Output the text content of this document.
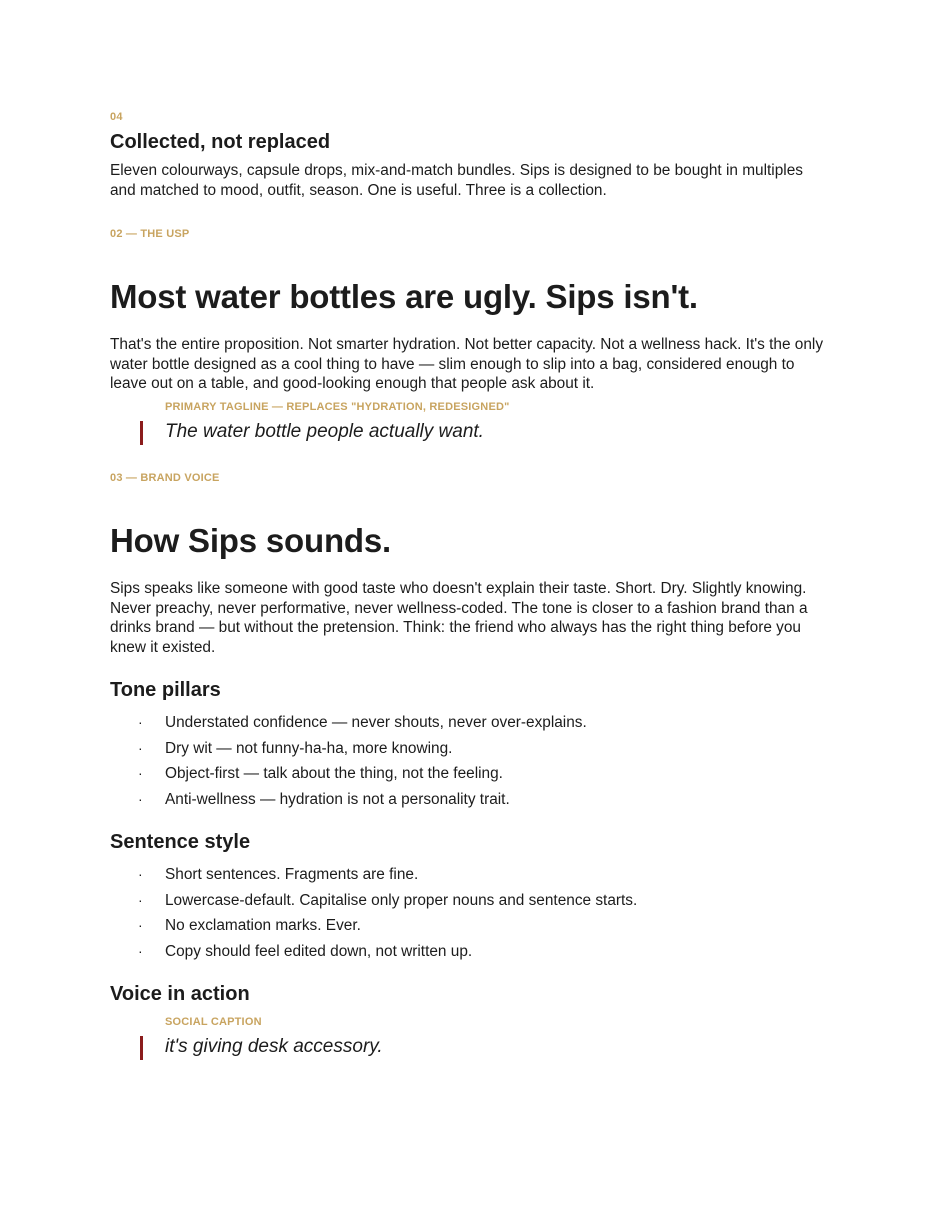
04
Collected, not replaced

Eleven colourways, capsule drops, mix-and-match bundles. Sips is designed to be bought in multiples and matched to mood, outfit, season. One is useful. Three is a collection.

02 — THE USP
Most water bottles are ugly. Sips isn't.

That's the entire proposition. Not smarter hydration. Not better capacity. Not a wellness hack. It's the only water bottle designed as a cool thing to have — slim enough to slip into a bag, considered enough to leave out on a table, and good-looking enough that people ask about it.

PRIMARY TAGLINE — REPLACES "HYDRATION, REDESIGNED"
The water bottle people actually want.
03 — BRAND VOICE
How Sips sounds.

Sips speaks like someone with good taste who doesn't explain their taste. Short. Dry. Slightly knowing. Never preachy, never performative, never wellness-coded. The tone is closer to a fashion brand than a drinks brand — but without the pretension. Think: the friend who always has the right thing before you knew it existed.

Tone pillars
· Understated confidence — never shouts, never over-explains.
· Dry wit — not funny-ha-ha, more knowing.
· Object-first — talk about the thing, not the feeling.
· Anti-wellness — hydration is not a personality trait.
Sentence style
· Short sentences. Fragments are fine.
· Lowercase-default. Capitalise only proper nouns and sentence starts.
· No exclamation marks. Ever.
· Copy should feel edited down, not written up.
Voice in action
SOCIAL CAPTION
it's giving desk accessory.
